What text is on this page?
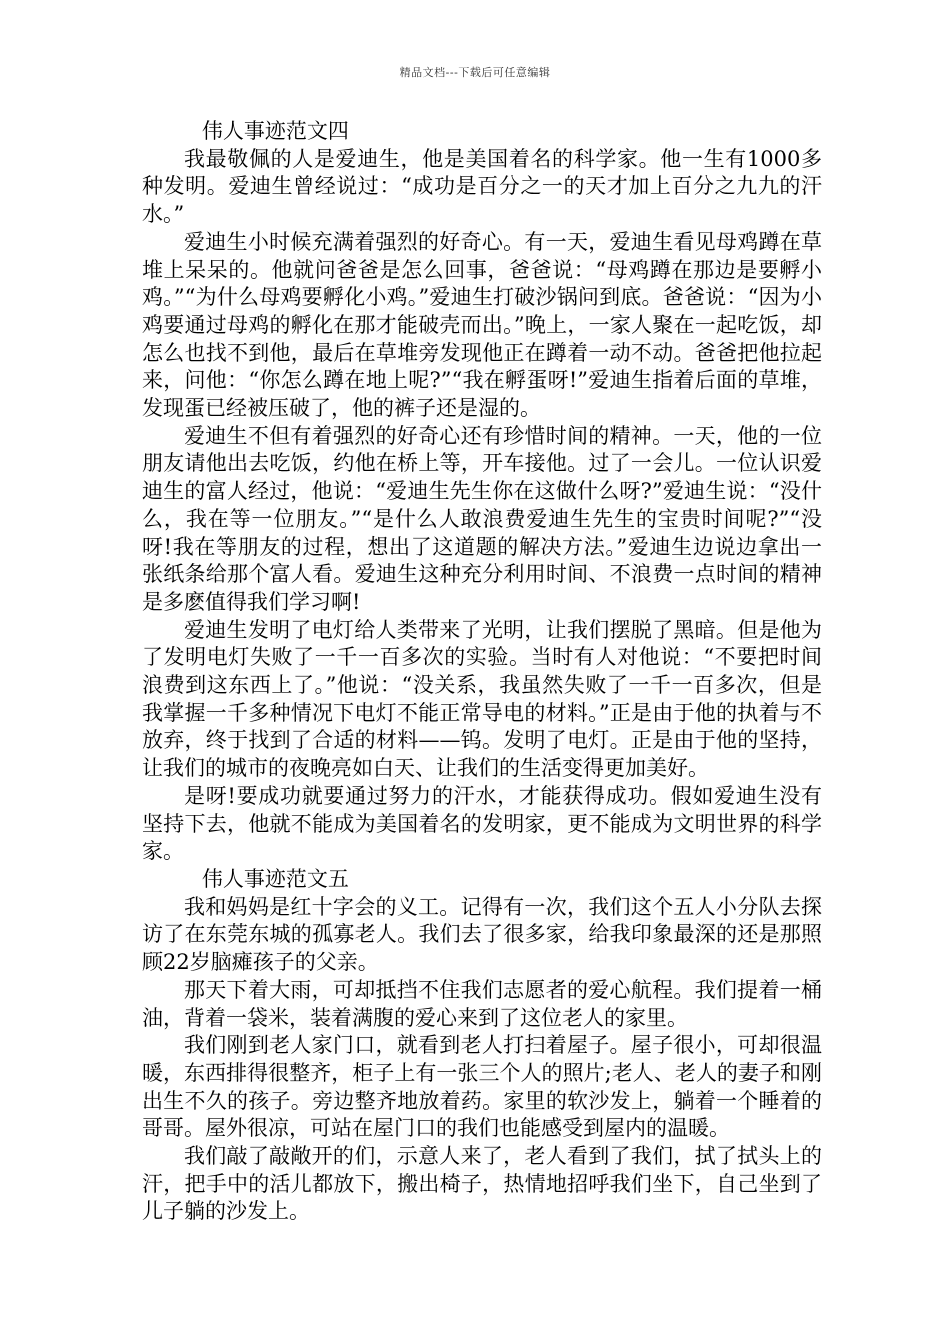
精品文档---下载后可任意编辑

伟人事迹范文四

我最敬佩的人是爱迪生，他是美国着名的科学家。他一生有1000多种发明。爱迪生曾经说过：“成功是百分之一的天才加上百分之九九的汗水。”

爱迪生小时候充满着强烈的好奇心。有一天，爱迪生看见母鸡蹲在草堆上呆呆的。他就问爸爸是怎么回事，爸爸说：“母鸡蹲在那边是要孵小鸡。”“为什么母鸡要孵化小鸡。”爱迪生打破沙锅问到底。爸爸说：“因为小鸡要通过母鸡的孵化在那才能破壳而出。”晚上，一家人聚在一起吃饭，却怎么也找不到他，最后在草堆旁发现他正在蹲着一动不动。爸爸把他拉起来，问他：“你怎么蹲在地上呢?”“我在孵蛋呀!”爱迪生指着后面的草堆，发现蛋已经被压破了，他的裤子还是湿的。

爱迪生不但有着强烈的好奇心还有珍惜时间的精神。一天，他的一位朋友请他出去吃饭，约他在桥上等，开车接他。过了一会儿。一位认识爱迪生的富人经过，他说：“爱迪生先生你在这做什么呀?”爱迪生说：“没什么，我在等一位朋友。”“是什么人敢浪费爱迪生先生的宝贵时间呢?”“没呀!我在等朋友的过程，想出了这道题的解决方法。”爱迪生边说边拿出一张纸条给那个富人看。爱迪生这种充分利用时间、不浪费一点时间的精神是多麽值得我们学习啊!

爱迪生发明了电灯给人类带来了光明，让我们摆脱了黑暗。但是他为了发明电灯失败了一千一百多次的实验。当时有人对他说：“不要把时间浪费到这东西上了。”他说：“没关系，我虽然失败了一千一百多次，但是我掌握一千多种情况下电灯不能正常导电的材料。”正是由于他的执着与不放弃，终于找到了合适的材料——钨。发明了电灯。正是由于他的坚持，让我们的城市的夜晚亮如白天、让我们的生活变得更加美好。

是呀!要成功就要通过努力的汗水，才能获得成功。假如爱迪生没有坚持下去，他就不能成为美国着名的发明家，更不能成为文明世界的科学家。

伟人事迹范文五

我和妈妈是红十字会的义工。记得有一次，我们这个五人小分队去探访了在东莞东城的孤寡老人。我们去了很多家，给我印象最深的还是那照顾22岁脑瘫孩子的父亲。

那天下着大雨，可却抵挡不住我们志愿者的爱心航程。我们提着一桶油，背着一袋米，装着满腹的爱心来到了这位老人的家里。

我们刚到老人家门口，就看到老人打扫着屋子。屋子很小，可却很温暖，东西排得很整齐，柜子上有一张三个人的照片;老人、老人的妻子和刚出生不久的孩子。旁边整齐地放着药。家里的软沙发上，躺着一个睡着的哥哥。屋外很凉，可站在屋门口的我们也能感受到屋内的温暖。

我们敲了敲敞开的们，示意人来了，老人看到了我们，拭了拭头上的汗，把手中的活儿都放下，搬出椅子，热情地招呼我们坐下，自己坐到了儿子躺的沙发上。
